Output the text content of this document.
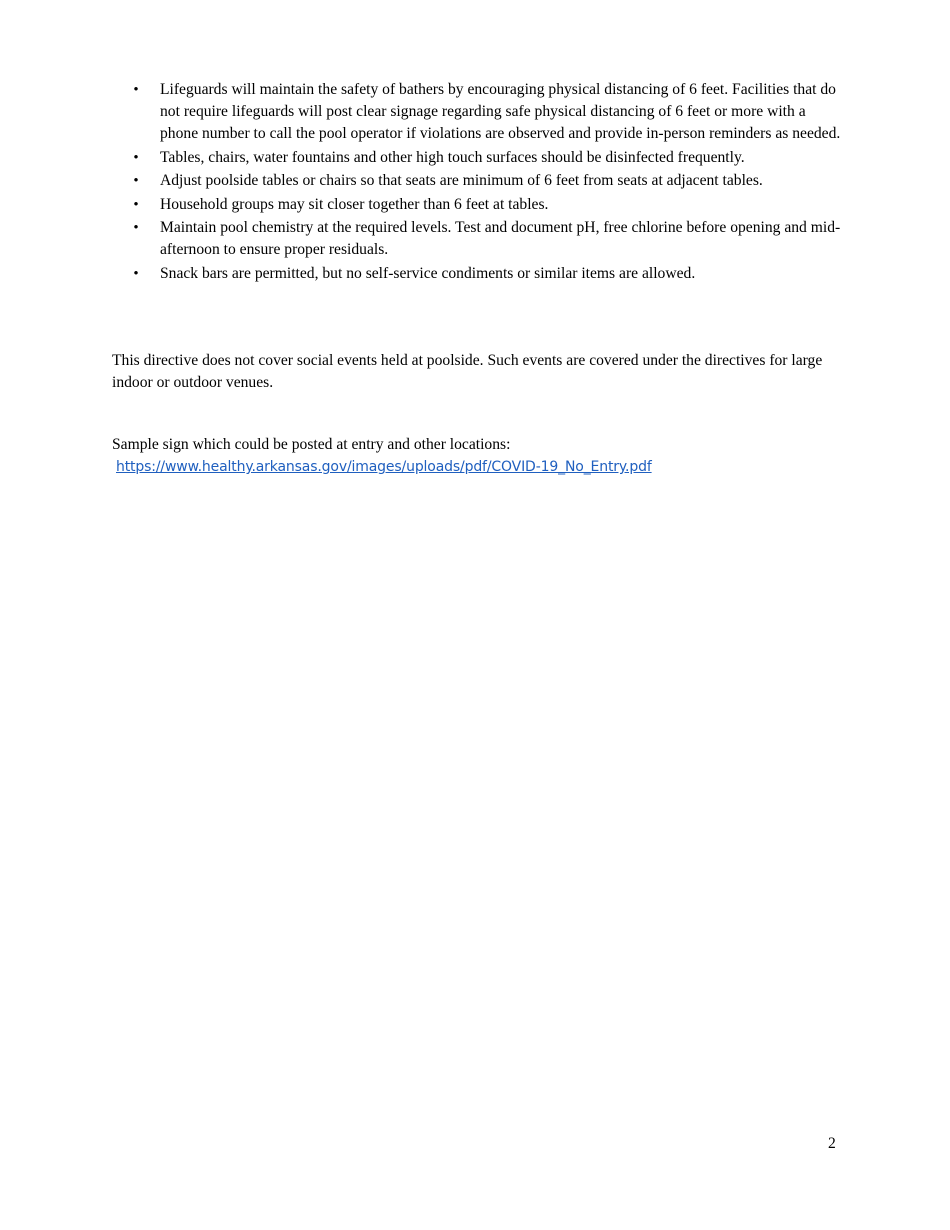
• Lifeguards will maintain the safety of bathers by encouraging physical distancing of 6 feet. Facilities that do not require lifeguards will post clear signage regarding safe physical distancing of 6 feet or more with a phone number to call the pool operator if violations are observed and provide in-person reminders as needed.
• Tables, chairs, water fountains and other high touch surfaces should be disinfected frequently.
• Adjust poolside tables or chairs so that seats are minimum of 6 feet from seats at adjacent tables.
• Household groups may sit closer together than 6 feet at tables.
• Maintain pool chemistry at the required levels. Test and document pH, free chlorine before opening and mid-afternoon to ensure proper residuals.
• Snack bars are permitted, but no self-service condiments or similar items are allowed.

This directive does not cover social events held at poolside. Such events are covered under the directives for large indoor or outdoor venues.

Sample sign which could be posted at entry and other locations:

https://www.healthy.arkansas.gov/images/uploads/pdf/COVID-19_No_Entry.pdf
2
